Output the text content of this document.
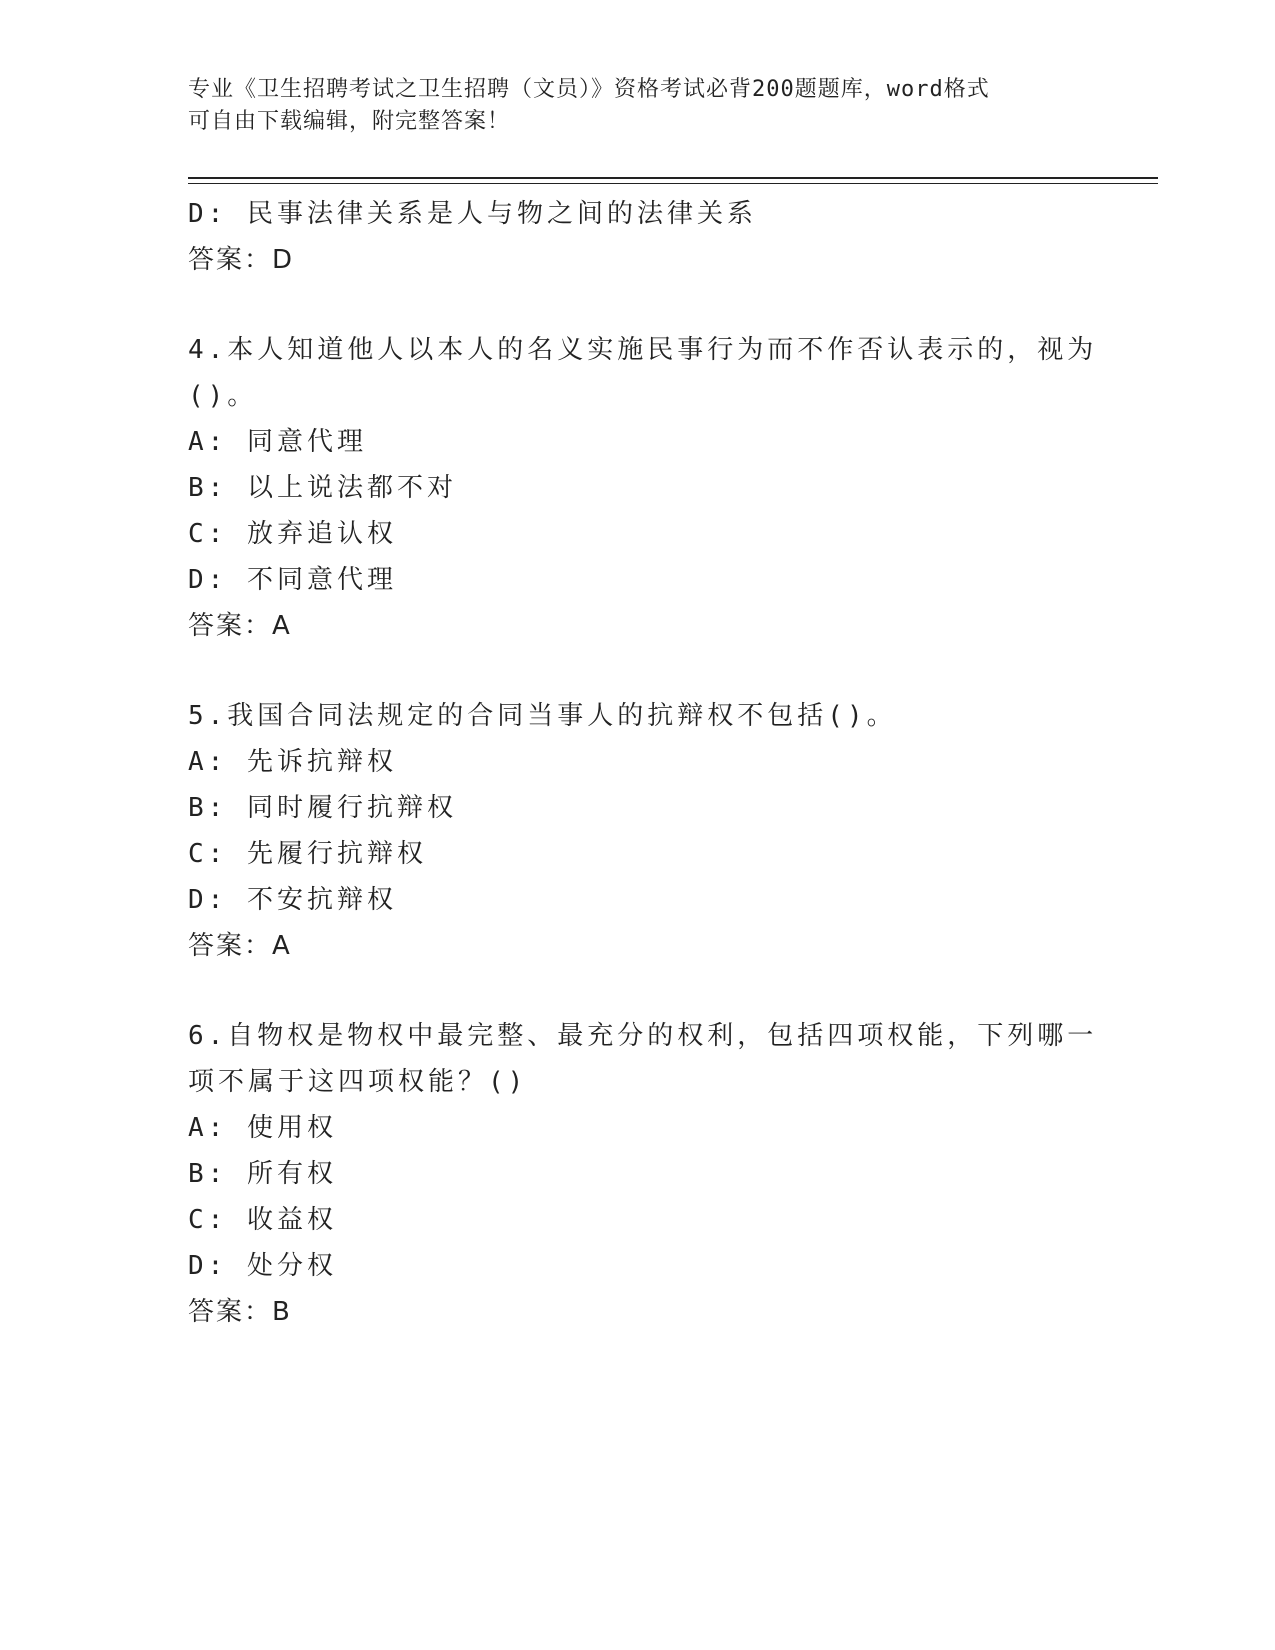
专业《卫生招聘考试之卫生招聘（文员）》资格考试必背200题题库，word格式
可自由下载编辑，附完整答案！
D: 民事法律关系是人与物之间的法律关系
答案：D
4.本人知道他人以本人的名义实施民事行为而不作否认表示的，视为
()。
A: 同意代理
B: 以上说法都不对
C: 放弃追认权
D: 不同意代理
答案：A
5.我国合同法规定的合同当事人的抗辩权不包括()。
A: 先诉抗辩权
B: 同时履行抗辩权
C: 先履行抗辩权
D: 不安抗辩权
答案：A
6.自物权是物权中最完整、最充分的权利，包括四项权能，下列哪一
项不属于这四项权能？()
A: 使用权
B: 所有权
C: 收益权
D: 处分权
答案：B
